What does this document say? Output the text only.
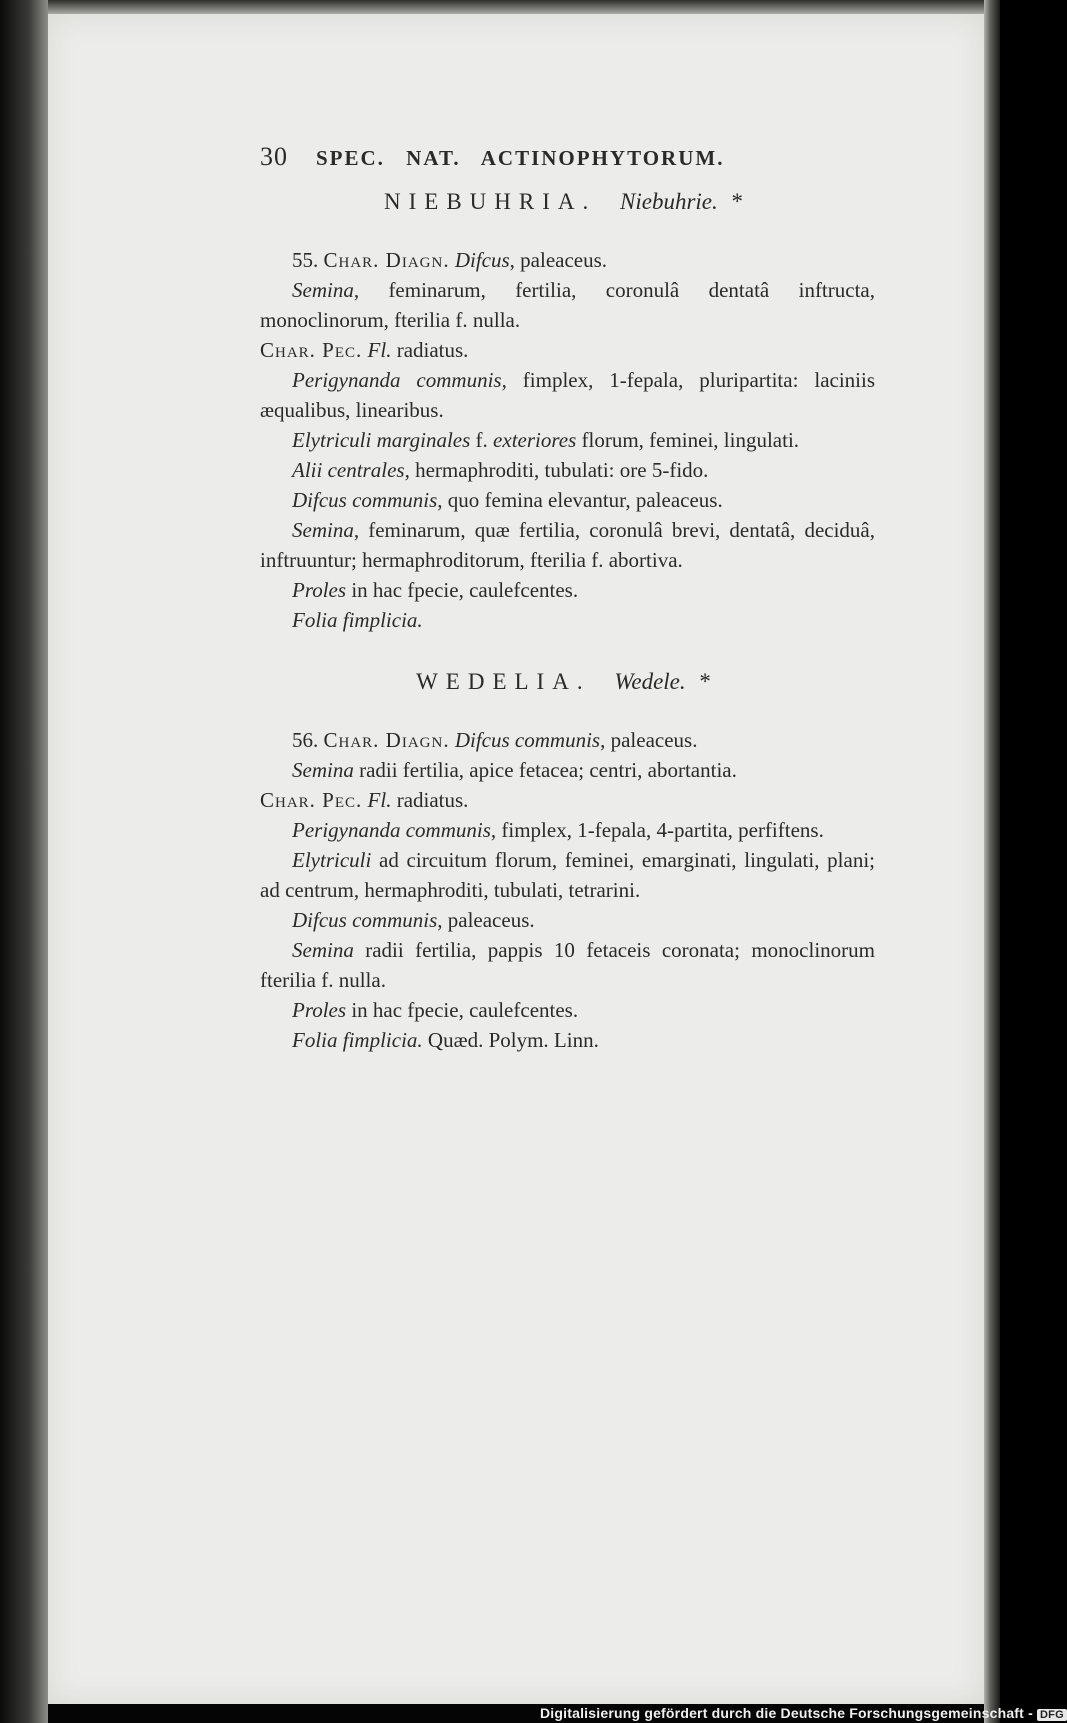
30 SPEC. NAT. ACTINOPHYTORUM.
NIEBUHRIA. Niebuhrie. *

55. Char. Diagn. Difcus, paleaceus.

Semina, feminarum, fertilia, coronulâ dentatâ inftructa, monoclinorum, fterilia f. nulla.

Char. Pec. Fl. radiatus.

Perigynanda communis, fimplex, 1-fepala, pluripartita: laciniis æqualibus, linearibus.

Elytriculi marginales f. exteriores florum, feminei, lingulati.

Alii centrales, hermaphroditi, tubulati: ore 5-fido.

Difcus communis, quo femina elevantur, paleaceus.

Semina, feminarum, quæ fertilia, coronulâ brevi, dentatâ, deciduâ, inftruuntur; hermaphroditorum, fterilia f. abortiva.

Proles in hac fpecie, caulefcentes.

Folia fimplicia.

WEDELIA. Wedele. *

56. Char. Diagn. Difcus communis, paleaceus.

Semina radii fertilia, apice fetacea; centri, abortantia.

Char. Pec. Fl. radiatus.

Perigynanda communis, fimplex, 1-fepala, 4-partita, perfiftens.

Elytriculi ad circuitum florum, feminei, emarginati, lingulati, plani; ad centrum, hermaphroditi, tubulati, tetrarini.

Difcus communis, paleaceus.

Semina radii fertilia, pappis 10 fetaceis coronata; monoclinorum fterilia f. nulla.

Proles in hac fpecie, caulefcentes.

Folia fimplicia. Quæd. Polym. Linn.

Digitalisierung gefördert durch die Deutsche Forschungsgemeinschaft - DFG
